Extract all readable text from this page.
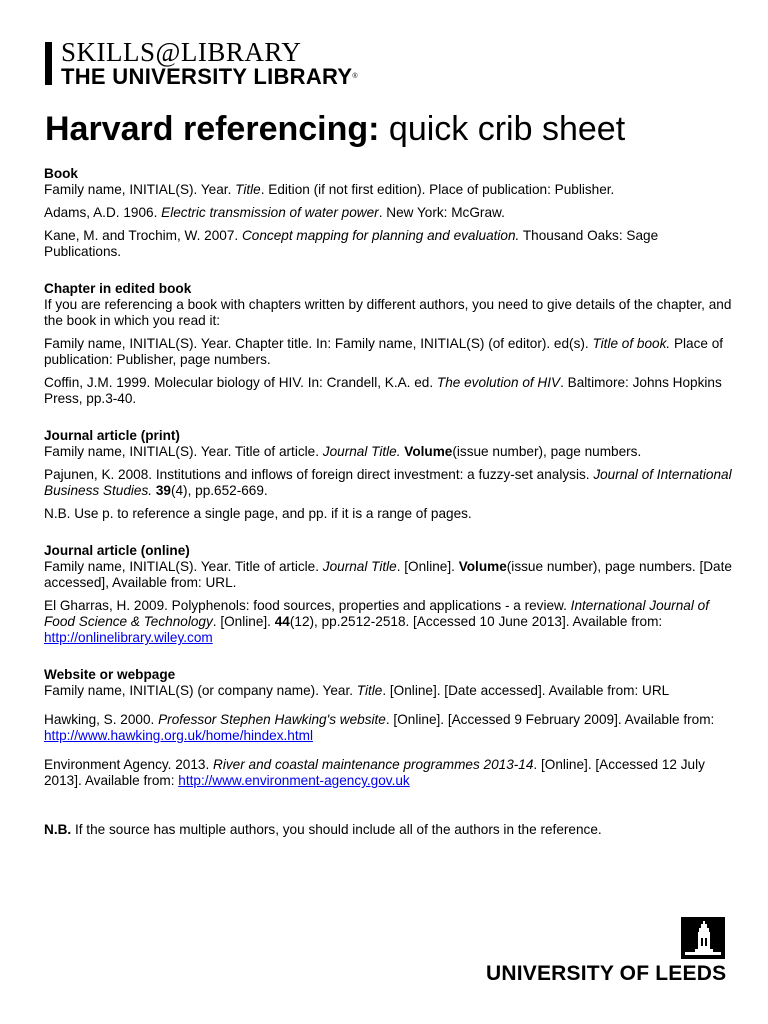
SKILLS@LIBRARY
THE UNIVERSITY LIBRARY®
Harvard referencing: quick crib sheet
Book
Family name, INITIAL(S). Year. Title. Edition (if not first edition). Place of publication: Publisher.
Adams, A.D. 1906. Electric transmission of water power. New York: McGraw.
Kane, M. and Trochim, W. 2007. Concept mapping for planning and evaluation. Thousand Oaks: Sage Publications.
Chapter in edited book
If you are referencing a book with chapters written by different authors, you need to give details of the chapter, and the book in which you read it:
Family name, INITIAL(S). Year. Chapter title. In: Family name, INITIAL(S) (of editor). ed(s). Title of book. Place of publication: Publisher, page numbers.
Coffin, J.M. 1999. Molecular biology of HIV. In: Crandell, K.A. ed. The evolution of HIV. Baltimore: Johns Hopkins Press, pp.3-40.
Journal article (print)
Family name, INITIAL(S). Year. Title of article. Journal Title. Volume(issue number), page numbers.
Pajunen, K. 2008. Institutions and inflows of foreign direct investment: a fuzzy-set analysis. Journal of International Business Studies. 39(4), pp.652-669.
N.B. Use p. to reference a single page, and pp. if it is a range of pages.
Journal article (online)
Family name, INITIAL(S). Year. Title of article. Journal Title. [Online]. Volume(issue number), page numbers. [Date accessed], Available from: URL.
El Gharras, H. 2009. Polyphenols: food sources, properties and applications - a review. International Journal of Food Science & Technology. [Online]. 44(12), pp.2512-2518. [Accessed 10 June 2013]. Available from: http://onlinelibrary.wiley.com
Website or webpage
Family name, INITIAL(S) (or company name). Year. Title. [Online]. [Date accessed]. Available from: URL
Hawking, S. 2000. Professor Stephen Hawking's website. [Online]. [Accessed 9 February 2009]. Available from: http://www.hawking.org.uk/home/hindex.html
Environment Agency. 2013. River and coastal maintenance programmes 2013-14. [Online]. [Accessed 12 July 2013]. Available from: http://www.environment-agency.gov.uk
N.B. If the source has multiple authors, you should include all of the authors in the reference.
UNIVERSITY OF LEEDS
